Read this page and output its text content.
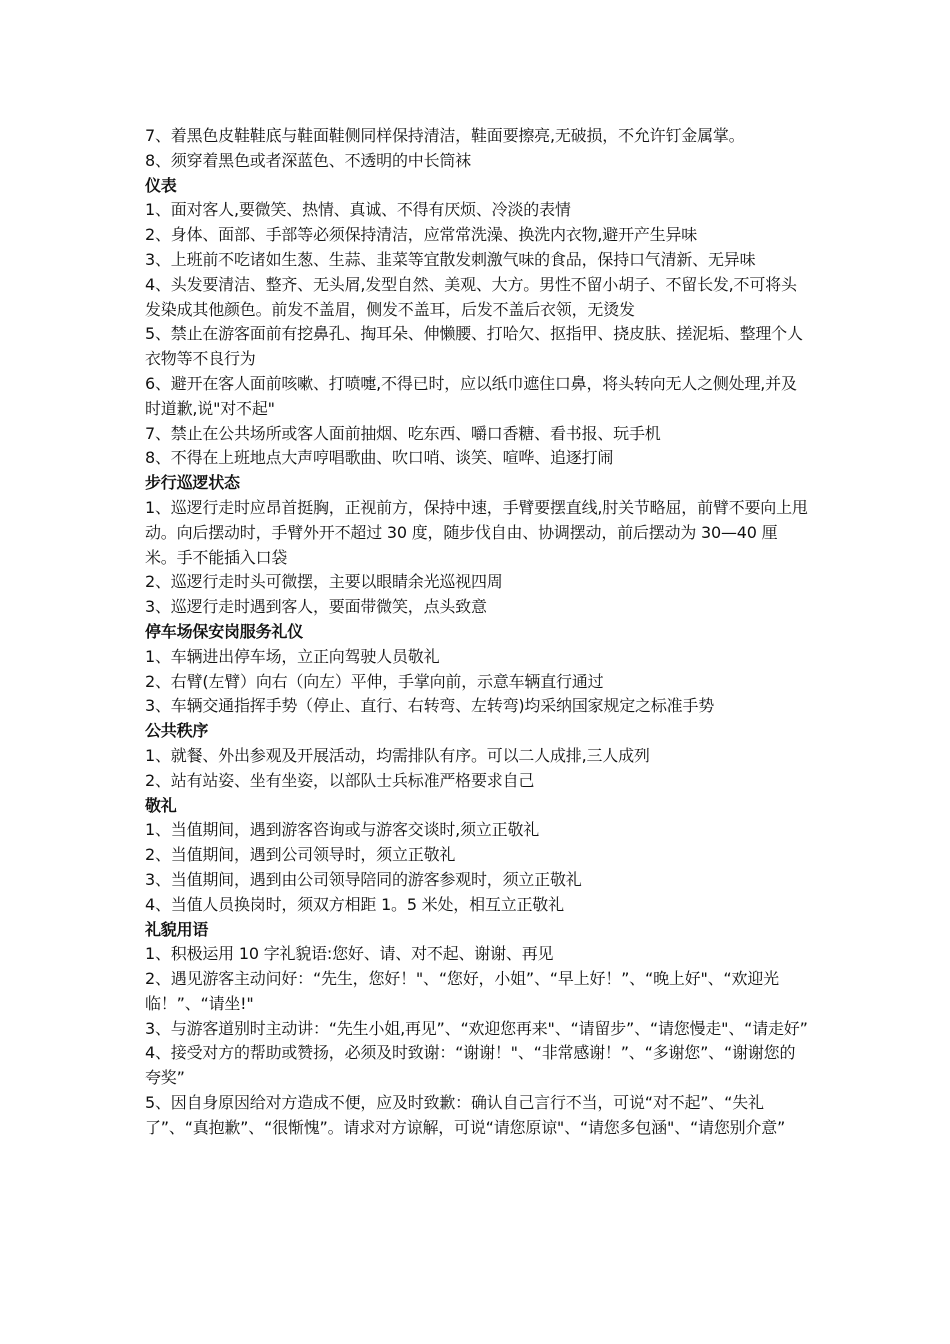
7、着黑色皮鞋鞋底与鞋面鞋侧同样保持清洁，鞋面要擦亮,无破损，不允许钉金属掌。

8、须穿着黑色或者深蓝色、不透明的中长筒袜

仪表

1、面对客人,要微笑、热情、真诚、不得有厌烦、冷淡的表情

2、身体、面部、手部等必须保持清洁，应常常洗澡、换洗内衣物,避开产生异味

3、上班前不吃诸如生葱、生蒜、韭菜等宜散发刺激气味的食品，保持口气清新、无异味

4、头发要清洁、整齐、无头屑,发型自然、美观、大方。男性不留小胡子、不留长发,不可将头发染成其他颜色。前发不盖眉，侧发不盖耳，后发不盖后衣领，无烫发

5、禁止在游客面前有挖鼻孔、掏耳朵、伸懒腰、打哈欠、抠指甲、挠皮肤、搓泥垢、整理个人衣物等不良行为

6、避开在客人面前咳嗽、打喷嚏,不得已时，应以纸巾遮住口鼻，将头转向无人之侧处理,并及时道歉,说"对不起"

7、禁止在公共场所或客人面前抽烟、吃东西、嚼口香糖、看书报、玩手机

8、不得在上班地点大声哼唱歌曲、吹口哨、谈笑、喧哗、追逐打闹

步行巡逻状态

1、巡逻行走时应昂首挺胸，正视前方，保持中速，手臂要摆直线,肘关节略屈，前臂不要向上甩动。向后摆动时，手臂外开不超过 30 度，随步伐自由、协调摆动，前后摆动为 30—40 厘米。手不能插入口袋

2、巡逻行走时头可微摆，主要以眼睛余光巡视四周

3、巡逻行走时遇到客人，要面带微笑，点头致意

停车场保安岗服务礼仪

1、车辆进出停车场，立正向驾驶人员敬礼

2、右臂(左臂）向右（向左）平伸，手掌向前，示意车辆直行通过

3、车辆交通指挥手势（停止、直行、右转弯、左转弯)均采纳国家规定之标准手势

公共秩序

1、就餐、外出参观及开展活动，均需排队有序。可以二人成排,三人成列

2、站有站姿、坐有坐姿，以部队士兵标准严格要求自己

敬礼

1、当值期间，遇到游客咨询或与游客交谈时,须立正敬礼

2、当值期间，遇到公司领导时，须立正敬礼

3、当值期间，遇到由公司领导陪同的游客参观时，须立正敬礼

4、当值人员换岗时，须双方相距 1。5 米处，相互立正敬礼

礼貌用语

1、积极运用 10 字礼貌语:您好、请、对不起、谢谢、再见

2、遇见游客主动问好：“先生，您好！"、“您好，小姐”、“早上好！”、“晚上好"、“欢迎光临！”、“请坐!"

3、与游客道别时主动讲：“先生小姐,再见”、“欢迎您再来"、“请留步”、“请您慢走"、“请走好”

4、接受对方的帮助或赞扬，必须及时致谢：“谢谢！"、“非常感谢！”、“多谢您”、“谢谢您的夸奖”

5、因自身原因给对方造成不便，应及时致歉：确认自己言行不当，可说“对不起”、“失礼了”、“真抱歉”、“很惭愧”。请求对方谅解，可说“请您原谅"、“请您多包涵"、“请您别介意”
